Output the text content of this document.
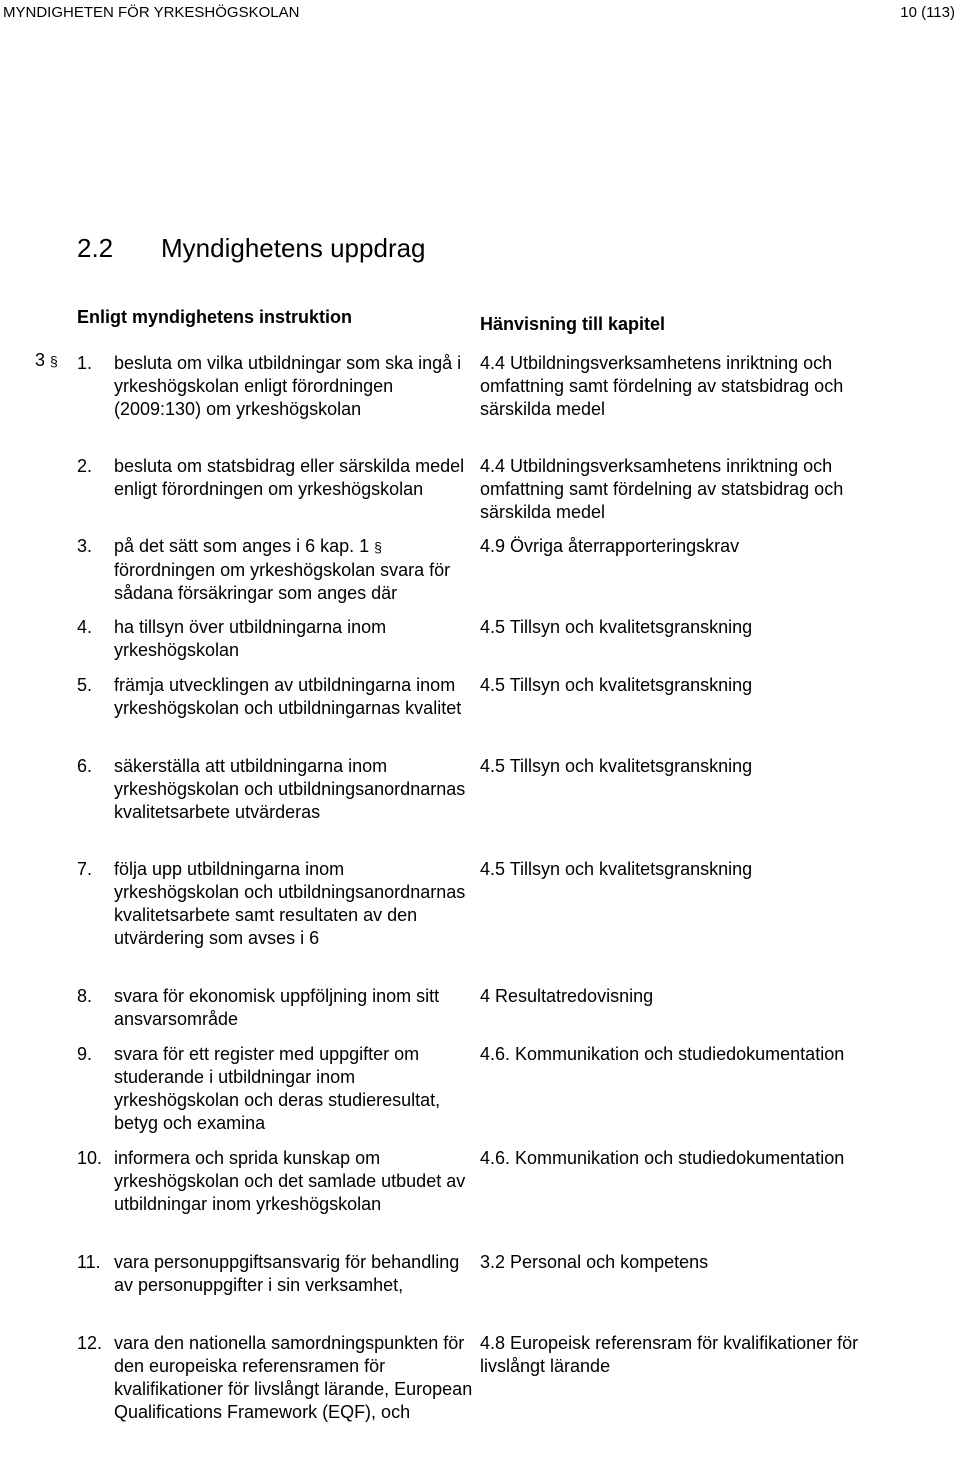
MYNDIGHETEN FÖR YRKESHÖGSKOLAN	10 (113)
2.2 Myndighetens uppdrag
Enligt myndighetens instruktion	Hänvisning till kapitel
3 § 1. besluta om vilka utbildningar som ska ingå i yrkeshögskolan enligt förordningen (2009:130) om yrkeshögskolan
4.4 Utbildningsverksamhetens inriktning och omfattning samt fördelning av statsbidrag och särskilda medel
2. besluta om statsbidrag eller särskilda medel enligt förordningen om yrkeshögskolan
4.4 Utbildningsverksamhetens inriktning och omfattning samt fördelning av statsbidrag och särskilda medel
3. på det sätt som anges i 6 kap. 1 § förordningen om yrkeshögskolan svara för sådana försäkringar som anges där
4.9 Övriga återrapporteringskrav
4. ha tillsyn över utbildningarna inom yrkeshögskolan
4.5 Tillsyn och kvalitetsgranskning
5. främja utvecklingen av utbildningarna inom yrkeshögskolan och utbildningarnas kvalitet
4.5 Tillsyn och kvalitetsgranskning
6. säkerställa att utbildningarna inom yrkeshögskolan och utbildningsanordnarnas kvalitetsarbete utvärderas
4.5 Tillsyn och kvalitetsgranskning
7. följa upp utbildningarna inom yrkeshögskolan och utbildningsanordnarnas kvalitetsarbete samt resultaten av den utvärdering som avses i 6
4.5 Tillsyn och kvalitetsgranskning
8. svara för ekonomisk uppföljning inom sitt ansvarsområde
4 Resultatredovisning
9. svara för ett register med uppgifter om studerande i utbildningar inom yrkeshögskolan och deras studieresultat, betyg och examina
4.6. Kommunikation och studiedokumentation
10. informera och sprida kunskap om yrkeshögskolan och det samlade utbudet av utbildningar inom yrkeshögskolan
4.6. Kommunikation och studiedokumentation
11. vara personuppgiftsansvarig för behandling av personuppgifter i sin verksamhet,
3.2 Personal och kompetens
12. vara den nationella samordningspunkten för den europeiska referensramen för kvalifikationer för livslångt lärande, European Qualifications Framework (EQF), och
4.8 Europeisk referensram för kvalifikationer för livslångt lärande
